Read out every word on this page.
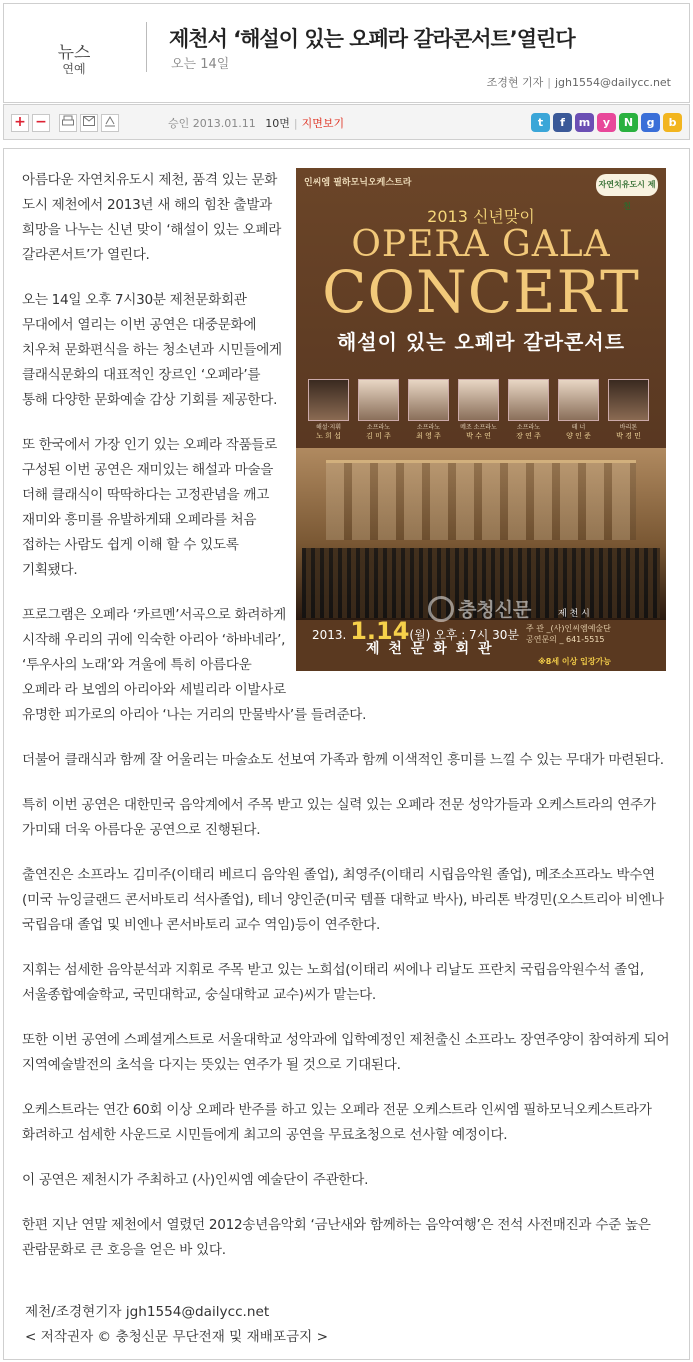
뉴스
연예
제천서 ‘해설이 있는 오페라 갈라콘서트’열린다
오는 14일
조경현 기자 | jgh1554@dailycc.net
+ −	승인 2013.01.11 10면 | 지면보기	t	f	m	y	N	g	b

아름다운 자연치유도시 제천, 품격 있는 문화 도시 제천에서 2013년 새 해의 힘찬 출발과 희망을 나누는 신년 맞이 ‘해설이 있는 오페라 갈라콘서트’가 열린다.

오는 14일 오후 7시30분 제천문화회관 무대에서 열리는 이번 공연은 대중문화에 치우쳐 문화편식을 하는 청소년과 시민들에게 클래식문화의 대표적인 장르인 ‘오페라’를 통해 다양한 문화예술 감상 기회를 제공한다.

또 한국에서 가장 인기 있는 오페라 작품들로 구성된 이번 공연은 재미있는 해설과 마술을 더해 클래식이 딱딱하다는 고정관념을 깨고 재미와 흥미를 유발하게돼 오페라를 처음 접하는 사람도 쉽게 이해 할 수 있도록 기획됐다.

프로그램은 오페라 ‘카르멘’서곡으로 화려하게 시작해 우리의 귀에 익숙한 아리아 ‘하바네라’, ‘투우사의 노래’와 겨울에 특히 아름다운 오페라 라 보엠의 아리아와 세빌리라 이발사로 유명한 피가로의 아리아 ‘나는 거리의 만물박사’를 들려준다.

더불어 클래식과 함께 잘 어울리는 마술쇼도 선보여 가족과 함께 이색적인 흥미를 느낄 수 있는 무대가 마련된다.

특히 이번 공연은 대한민국 음악계에서 주목 받고 있는 실력 있는 오페라 전문 성악가들과 오케스트라의 연주가 가미돼 더욱 아름다운 공연으로 진행된다.

출연진은 소프라노 김미주(이태리 베르디 음악원 졸업), 최영주(이태리 시립음악원 졸업), 메조소프라노 박수연(미국 뉴잉글랜드 콘서바토리 석사졸업), 테너 양인준(미국 템플 대학교 박사), 바리톤 박경민(오스트리아 비엔나 국립음대 졸업 및 비엔나 콘서바토리 교수 역임)등이 연주한다.

지휘는 섬세한 음악분석과 지휘로 주목 받고 있는 노희섭(이태리 씨에나 리날도 프란치 국립음악원수석 졸업, 서울종합예술학교, 국민대학교, 숭실대학교 교수)씨가 맡는다.

또한 이번 공연에 스페셜게스트로 서울대학교 성악과에 입학예정인 제천출신 소프라노 장연주양이 참여하게 되어 지역예술발전의 초석을 다지는 뜻있는 연주가 될 것으로 기대된다.

오케스트라는 연간 60회 이상 오페라 반주를 하고 있는 오페라 전문 오케스트라 인씨엠 필하모닉오케스트라가 화려하고 섬세한 사운드로 시민들에게 최고의 공연을 무료초청으로 선사할 예정이다.

이 공연은 제천시가 주최하고 (사)인씨엠 예술단이 주관한다.

한편 지난 연말 제천에서 열렸던 2012송년음악회 ‘금난새와 함께하는 음악여행’은 전석 사전매진과 수준 높은 관람문화로 큰 호응을 얻은 바 있다.

인씨엠 필하모닉오케스트라	자연치유도시 제천
2013 신년맞이
OPERA GALA
CONCERT
해설이 있는 오페라 갈라콘서트
해설·지휘
노 희 섭
소프라노
김 미 주
소프라노
최 영 주
메조 소프라노
박 수 연
소프라노
장 연 주
테 너
양 인 준
바리톤
박 경 민
2013. 1.14(월) 오후 : 7시 30분
제 천 문 화 회 관
제 천 시
주 관 _(사)인씨엠예술단
공연문의 _ 641-5515
※8세 이상 입장가능
충청신문
제천/조경현기자 jgh1554@dailycc.net
< 저작권자 © 충청신문 무단전재 및 재배포금지 >
